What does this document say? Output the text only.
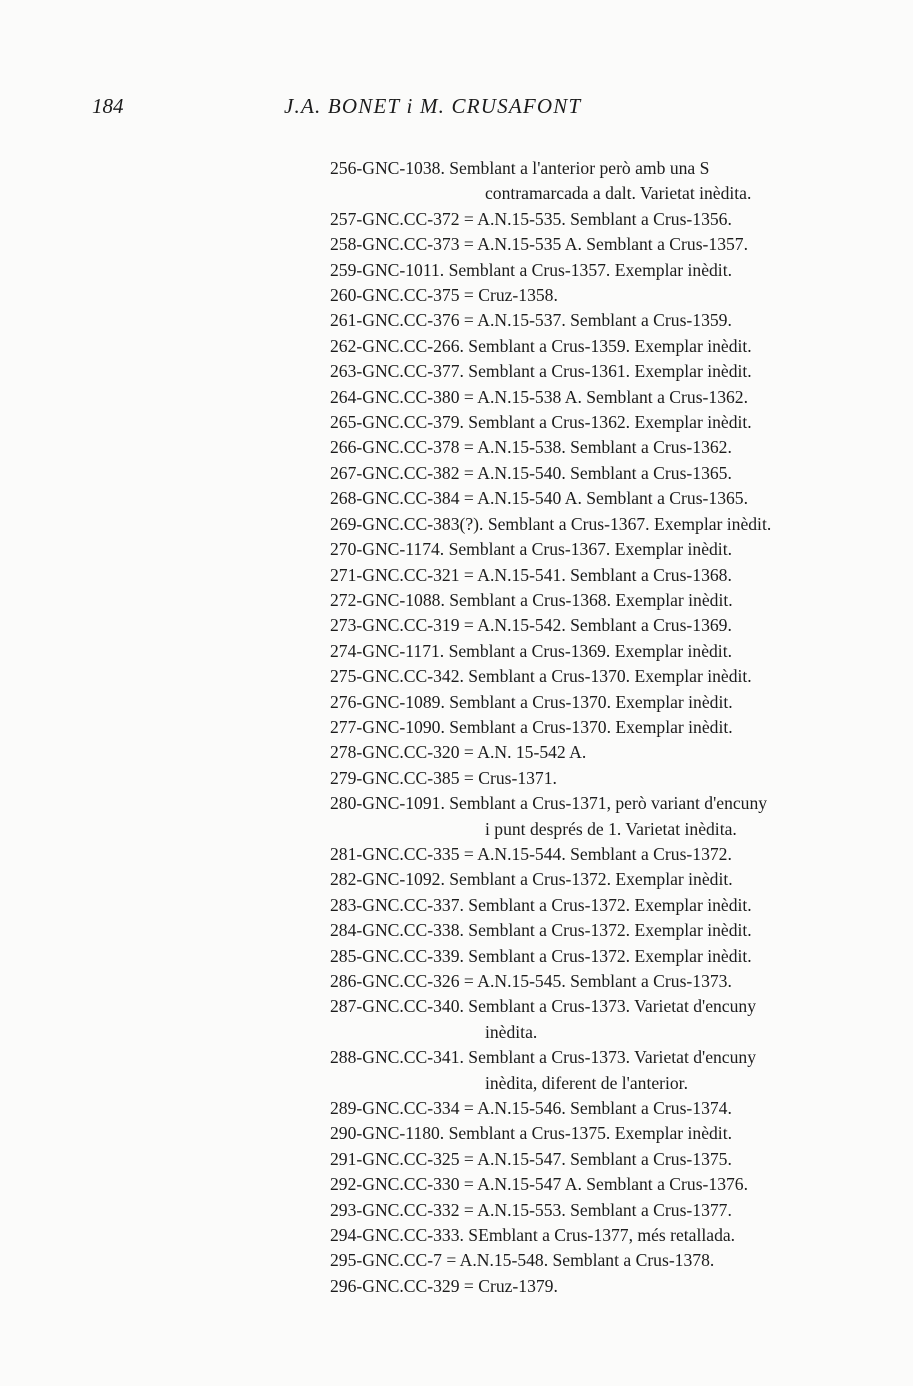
184	J.A. BONET i M. CRUSAFONT
256-GNC-1038. Semblant a l'anterior però amb una S
contramarcada a dalt. Varietat inèdita.
257-GNC.CC-372 = A.N.15-535. Semblant a Crus-1356.
258-GNC.CC-373 = A.N.15-535 A. Semblant a Crus-1357.
259-GNC-1011. Semblant a Crus-1357. Exemplar inèdit.
260-GNC.CC-375 = Cruz-1358.
261-GNC.CC-376 = A.N.15-537. Semblant a Crus-1359.
262-GNC.CC-266. Semblant a Crus-1359. Exemplar inèdit.
263-GNC.CC-377. Semblant a Crus-1361. Exemplar inèdit.
264-GNC.CC-380 = A.N.15-538 A. Semblant a Crus-1362.
265-GNC.CC-379. Semblant a Crus-1362. Exemplar inèdit.
266-GNC.CC-378 = A.N.15-538. Semblant a Crus-1362.
267-GNC.CC-382 = A.N.15-540. Semblant a Crus-1365.
268-GNC.CC-384 = A.N.15-540 A. Semblant a Crus-1365.
269-GNC.CC-383(?). Semblant a Crus-1367. Exemplar inèdit.
270-GNC-1174. Semblant a Crus-1367. Exemplar inèdit.
271-GNC.CC-321 = A.N.15-541. Semblant a Crus-1368.
272-GNC-1088. Semblant a Crus-1368. Exemplar inèdit.
273-GNC.CC-319 = A.N.15-542. Semblant a Crus-1369.
274-GNC-1171. Semblant a Crus-1369. Exemplar inèdit.
275-GNC.CC-342. Semblant a Crus-1370. Exemplar inèdit.
276-GNC-1089. Semblant a Crus-1370. Exemplar inèdit.
277-GNC-1090. Semblant a Crus-1370. Exemplar inèdit.
278-GNC.CC-320 = A.N. 15-542 A.
279-GNC.CC-385 = Crus-1371.
280-GNC-1091. Semblant a Crus-1371, però variant d'encuny
i punt després de 1. Varietat inèdita.
281-GNC.CC-335 = A.N.15-544. Semblant a Crus-1372.
282-GNC-1092. Semblant a Crus-1372. Exemplar inèdit.
283-GNC.CC-337. Semblant a Crus-1372. Exemplar inèdit.
284-GNC.CC-338. Semblant a Crus-1372. Exemplar inèdit.
285-GNC.CC-339. Semblant a Crus-1372. Exemplar inèdit.
286-GNC.CC-326 = A.N.15-545. Semblant a Crus-1373.
287-GNC.CC-340. Semblant a Crus-1373. Varietat d'encuny
inèdita.
288-GNC.CC-341. Semblant a Crus-1373. Varietat d'encuny
inèdita, diferent de l'anterior.
289-GNC.CC-334 = A.N.15-546. Semblant a Crus-1374.
290-GNC-1180. Semblant a Crus-1375. Exemplar inèdit.
291-GNC.CC-325 = A.N.15-547. Semblant a Crus-1375.
292-GNC.CC-330 = A.N.15-547 A. Semblant a Crus-1376.
293-GNC.CC-332 = A.N.15-553. Semblant a Crus-1377.
294-GNC.CC-333. SEmblant a Crus-1377, més retallada.
295-GNC.CC-7 = A.N.15-548. Semblant a Crus-1378.
296-GNC.CC-329 = Cruz-1379.
